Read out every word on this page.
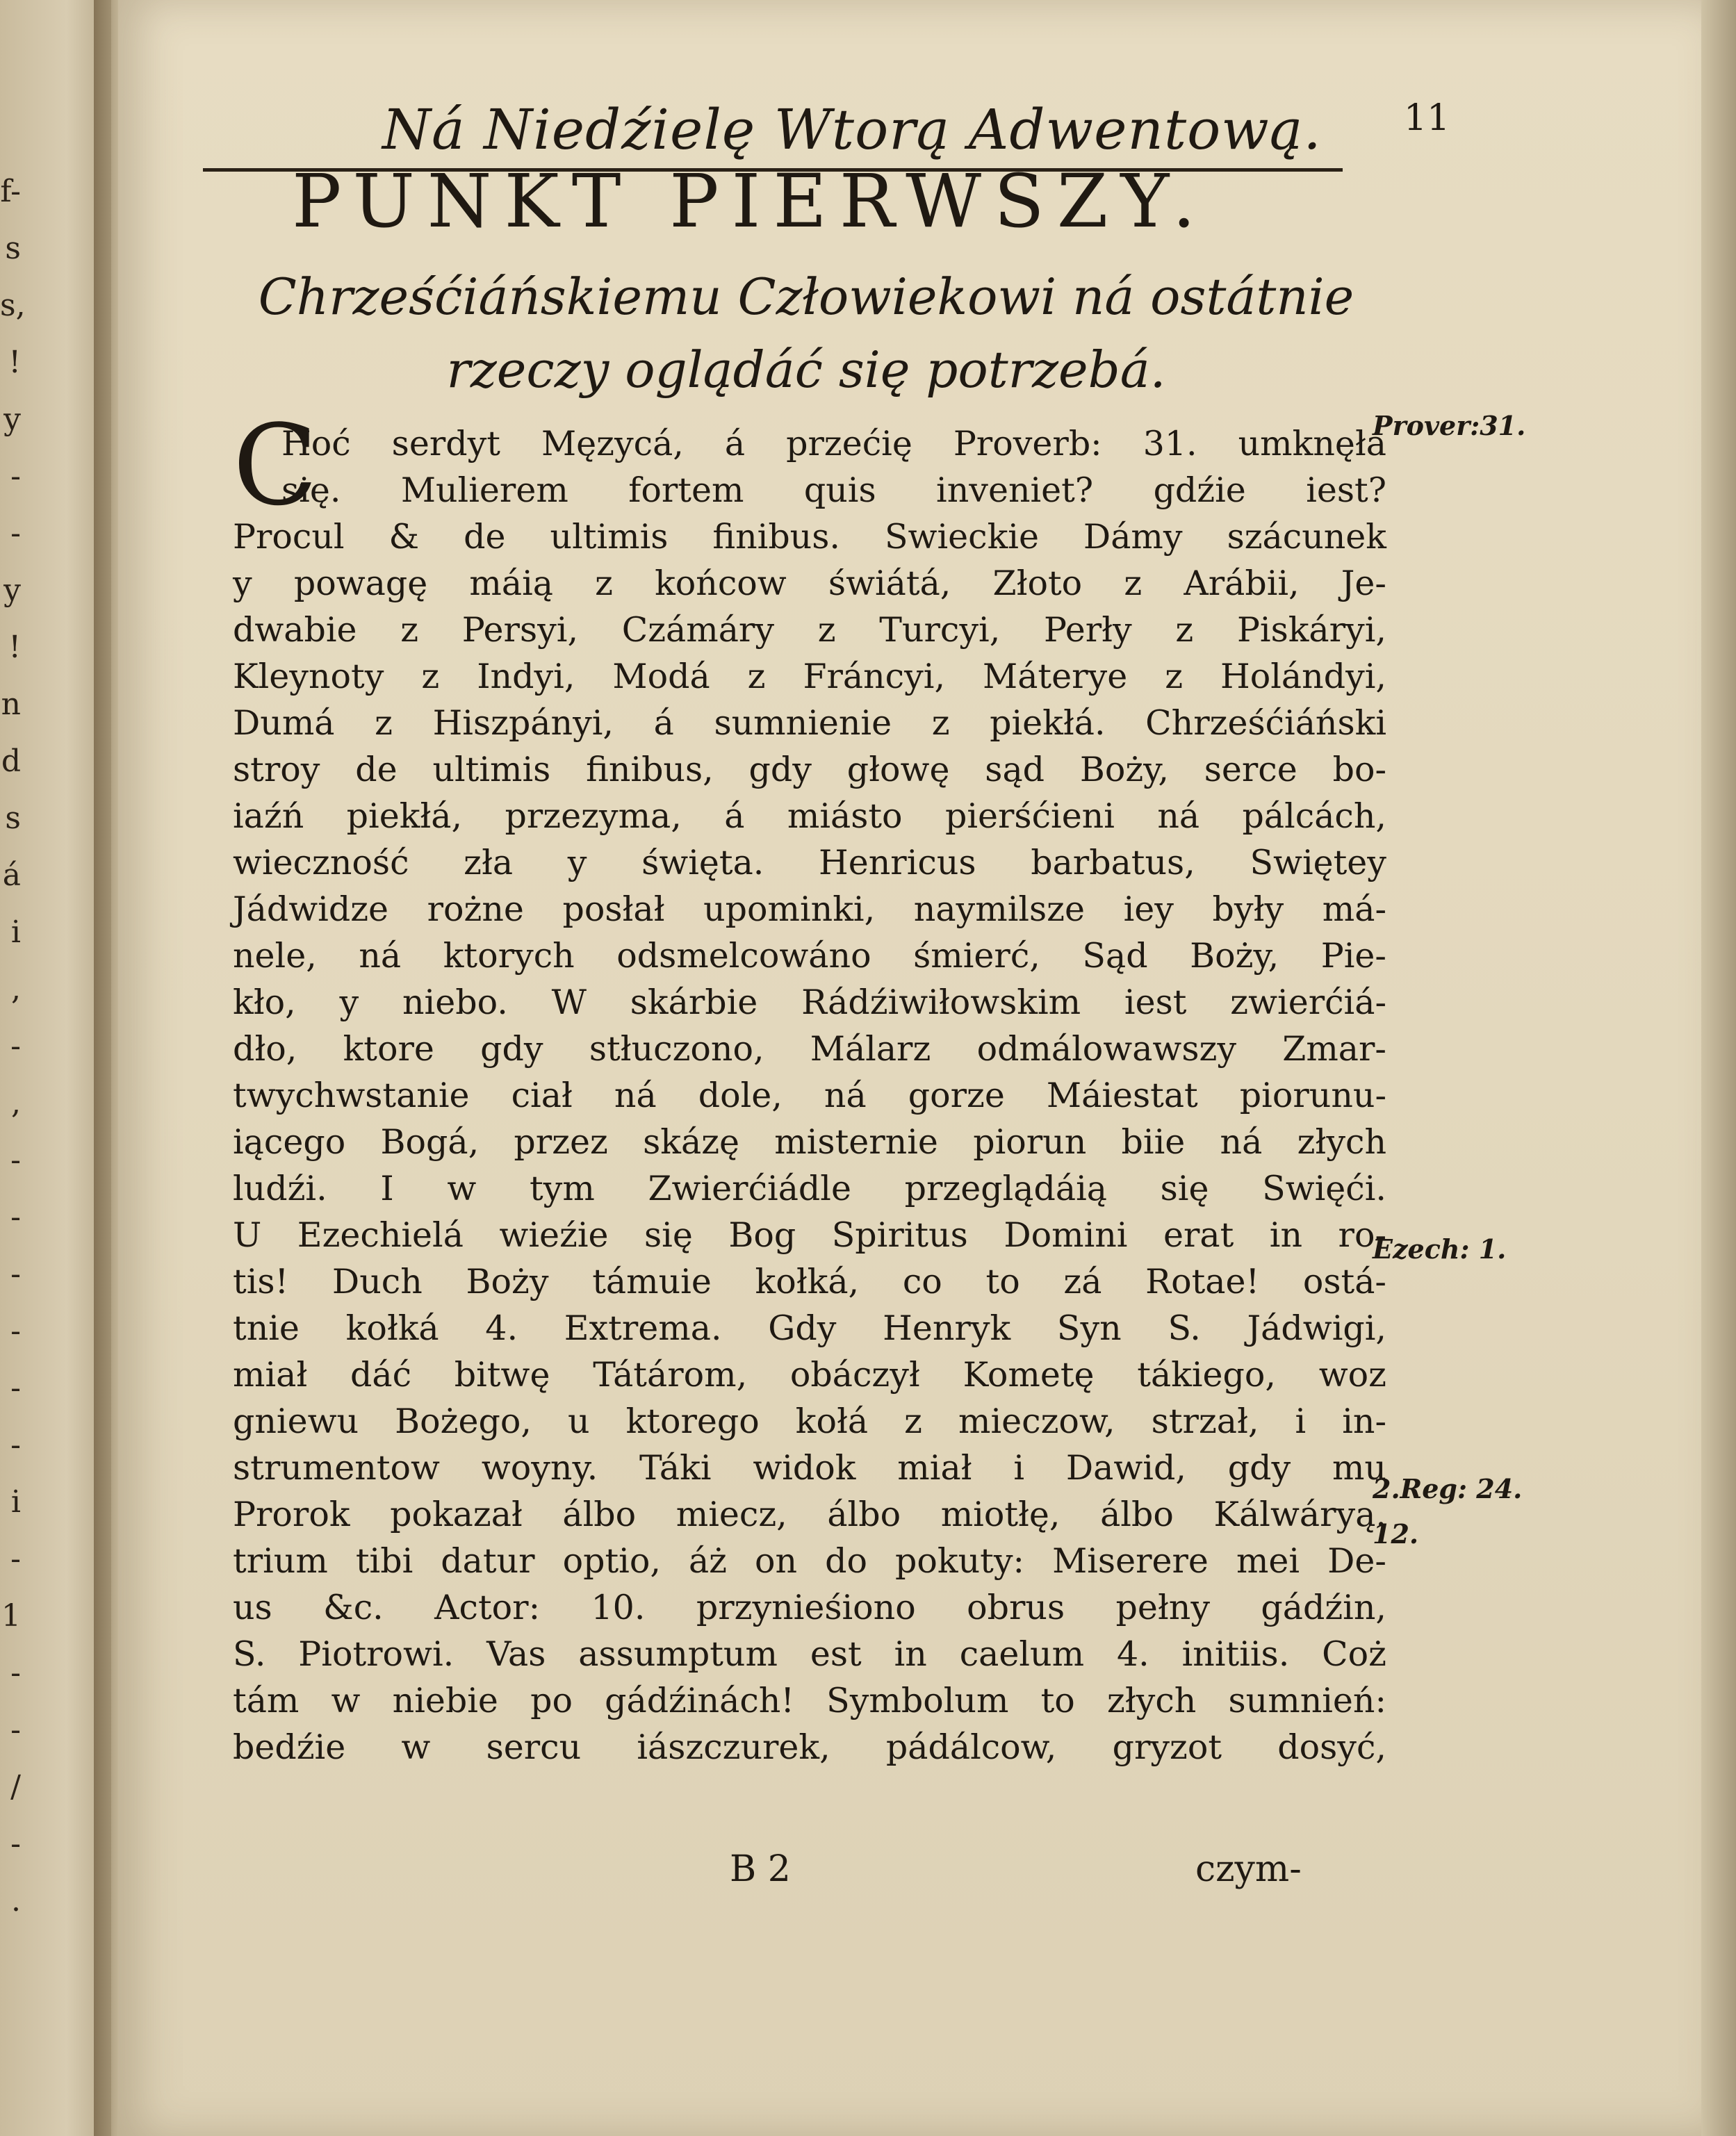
f-
s
s,
!
y
-
-
y
!
n
d
s
á
i
,
-
,
-
-
-
-
-
-
i
-
1
-
-
/
-
.
Ná Niedźielę Wtorą Adwentową.	11
PUNKT PIERWSZY.
Chrześćiáńskiemu Człowiekowi ná ostátnie
rzeczy oglądáć się potrzebá.
C
Hoć serdyt Męzycá, á przećię Proverb: 31. umknęłá
się. Mulierem fortem quis inveniet? gdźie iest?
Procul & de ultimis finibus. Swieckie Dámy szácunek
y powagę máią z końcow świátá, Złoto z Arábii, Je-
dwabie z Persyi, Czámáry z Turcyi, Perły z Piskáryi,
Kleynoty z Indyi, Modá z Fráncyi, Máterye z Holándyi,
Dumá z Hiszpányi, á sumnienie z piekłá. Chrześćiáński
stroy de ultimis finibus, gdy głowę sąd Boży, serce bo-
iaźń piekłá, przezyma, á miásto pierśćieni ná pálcách,
wieczność zła y święta. Henricus barbatus, Swiętey
Jádwidze rożne posłał upominki, naymilsze iey były má-
nele, ná ktorych odsmelcowáno śmierć, Sąd Boży, Pie-
kło, y niebo. W skárbie Rádźiwiłowskim iest zwierćiá-
dło, ktore gdy stłuczono, Málarz odmálowawszy Zmar-
twychwstanie ciał ná dole, ná gorze Máiestat piorunu-
iącego Bogá, przez skázę misternie piorun biie ná złych
ludźi. I w tym Zwierćiádle przeglądáią się Swięći.
U Ezechielá wieźie się Bog Spiritus Domini erat in ro-
tis! Duch Boży támuie kołká, co to zá Rotae! ostá-
tnie kołká 4. Extrema. Gdy Henryk Syn S. Jádwigi,
miał dáć bitwę Tátárom, obáczył Kometę tákiego, woz
gniewu Bożego, u ktorego kołá z mieczow, strzał, i in-
strumentow woyny. Táki widok miał i Dawid, gdy mu
Prorok pokazał álbo miecz, álbo miotłę, álbo Kálwáryą.
trium tibi datur optio, áż on do pokuty: Miserere mei De-
us &c. Actor: 10. przynieśiono obrus pełny gádźin,
S. Piotrowi. Vas assumptum est in caelum 4. initiis. Coż
tám w niebie po gádźinách! Symbolum to złych sumnień:
bedźie w sercu iászczurek, pádálcow, gryzot dosyć,
Prover:31.
Ezech: 1.
2.Reg: 24.
12.
B 2	czym-
